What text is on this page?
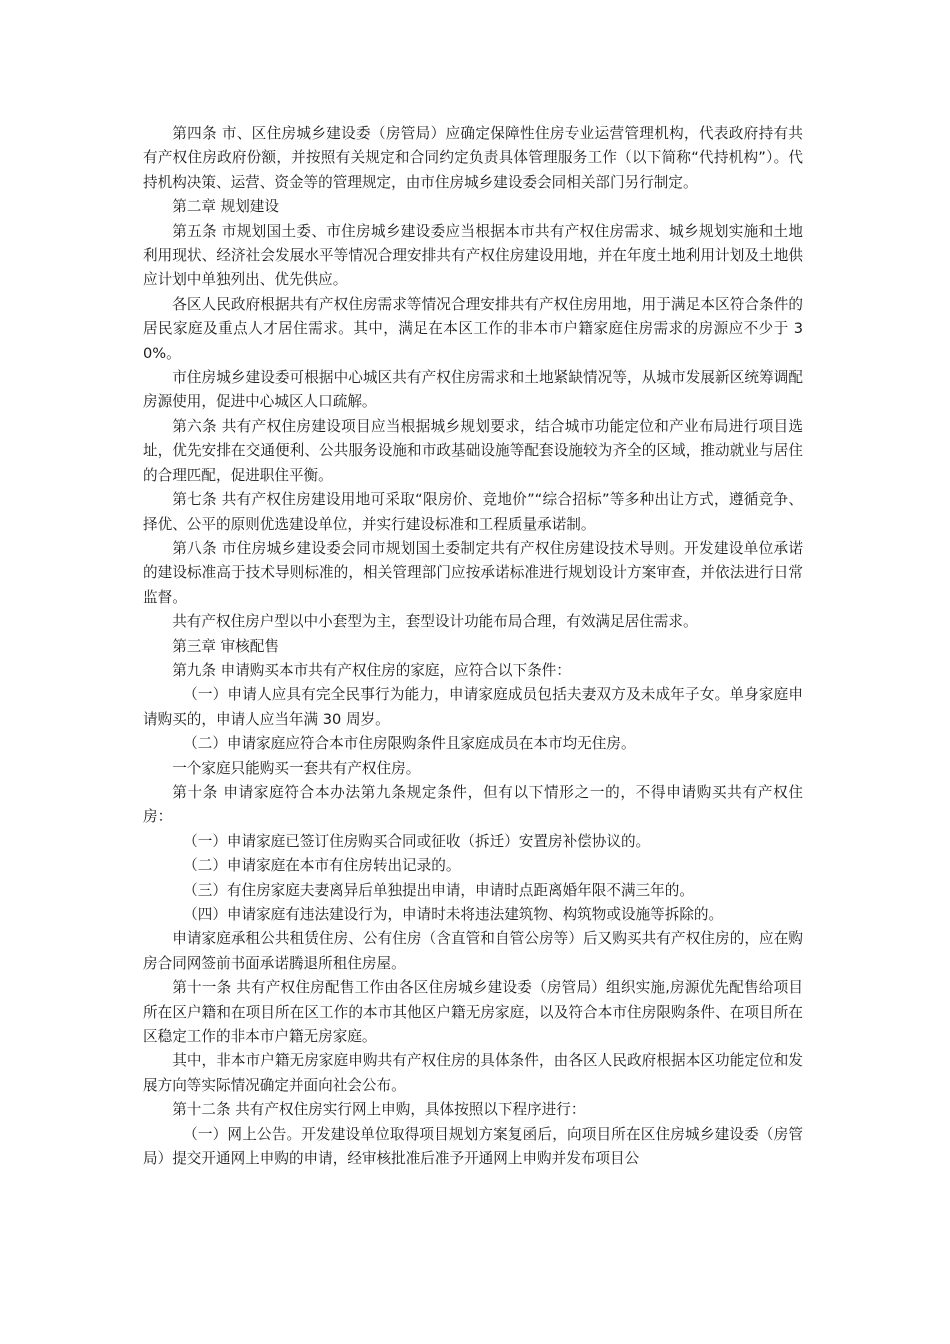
第四条 市、区住房城乡建设委（房管局）应确定保障性住房专业运营管理机构，代表政府持有共有产权住房政府份额，并按照有关规定和合同约定负责具体管理服务工作（以下简称“代持机构”）。代持机构决策、运营、资金等的管理规定，由市住房城乡建设委会同相关部门另行制定。

第二章 规划建设

第五条 市规划国土委、市住房城乡建设委应当根据本市共有产权住房需求、城乡规划实施和土地利用现状、经济社会发展水平等情况合理安排共有产权住房建设用地，并在年度土地利用计划及土地供应计划中单独列出、优先供应。

各区人民政府根据共有产权住房需求等情况合理安排共有产权住房用地，用于满足本区符合条件的居民家庭及重点人才居住需求。其中，满足在本区工作的非本市户籍家庭住房需求的房源应不少于 30%。

市住房城乡建设委可根据中心城区共有产权住房需求和土地紧缺情况等，从城市发展新区统筹调配房源使用，促进中心城区人口疏解。

第六条 共有产权住房建设项目应当根据城乡规划要求，结合城市功能定位和产业布局进行项目选址，优先安排在交通便利、公共服务设施和市政基础设施等配套设施较为齐全的区域，推动就业与居住的合理匹配，促进职住平衡。

第七条 共有产权住房建设用地可采取“限房价、竞地价”“综合招标”等多种出让方式，遵循竞争、择优、公平的原则优选建设单位，并实行建设标准和工程质量承诺制。

第八条 市住房城乡建设委会同市规划国土委制定共有产权住房建设技术导则。开发建设单位承诺的建设标准高于技术导则标准的，相关管理部门应按承诺标准进行规划设计方案审查，并依法进行日常监督。

共有产权住房户型以中小套型为主，套型设计功能布局合理，有效满足居住需求。

第三章 审核配售

第九条 申请购买本市共有产权住房的家庭，应符合以下条件：

（一）申请人应具有完全民事行为能力，申请家庭成员包括夫妻双方及未成年子女。单身家庭申请购买的，申请人应当年满 30 周岁。

（二）申请家庭应符合本市住房限购条件且家庭成员在本市均无住房。

一个家庭只能购买一套共有产权住房。

第十条 申请家庭符合本办法第九条规定条件，但有以下情形之一的，不得申请购买共有产权住房：

（一）申请家庭已签订住房购买合同或征收（拆迁）安置房补偿协议的。

（二）申请家庭在本市有住房转出记录的。

（三）有住房家庭夫妻离异后单独提出申请，申请时点距离婚年限不满三年的。

（四）申请家庭有违法建设行为，申请时未将违法建筑物、构筑物或设施等拆除的。

申请家庭承租公共租赁住房、公有住房（含直管和自管公房等）后又购买共有产权住房的，应在购房合同网签前书面承诺腾退所租住房屋。

第十一条 共有产权住房配售工作由各区住房城乡建设委（房管局）组织实施,房源优先配售给项目所在区户籍和在项目所在区工作的本市其他区户籍无房家庭，以及符合本市住房限购条件、在项目所在区稳定工作的非本市户籍无房家庭。

其中，非本市户籍无房家庭申购共有产权住房的具体条件，由各区人民政府根据本区功能定位和发展方向等实际情况确定并面向社会公布。

第十二条 共有产权住房实行网上申购，具体按照以下程序进行：

（一）网上公告。开发建设单位取得项目规划方案复函后，向项目所在区住房城乡建设委（房管局）提交开通网上申购的申请，经审核批准后准予开通网上申购并发布项目公
